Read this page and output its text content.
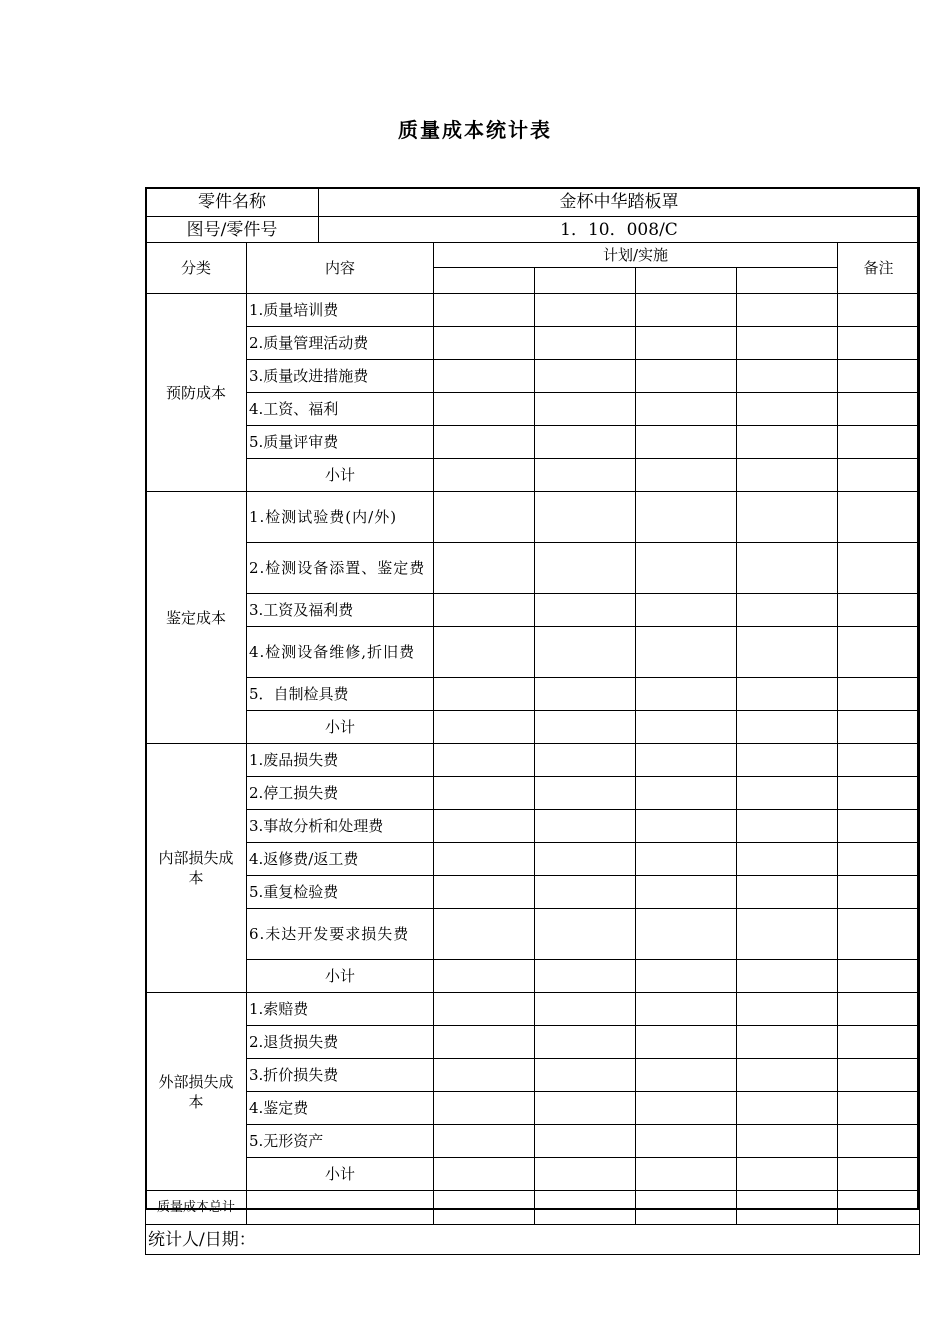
质量成本统计表
零件名称		金杯中华踏板罩					
图号/零件号		1．10．008/C					
分类	内容		计划/实施				备注

预防成本	1.质量培训费						
	2.质量管理活动费						
	3.质量改进措施费						
	4.工资、福利						
	5.质量评审费						
	小计						
鉴定成本	1.检测试验费(内/外)						
	2.检测设备添置、鉴定费						
	3.工资及福利费						
	4.检测设备维修,折旧费						
	5．自制检具费						
	小计						
内部损失成本	1.废品损失费						
	2.停工损失费						
	3.事故分析和处理费						
	4.返修费/返工费						
	5.重复检验费						
	6.未达开发要求损失费						
	小计						
外部损失成本	1.索赔费						
	2.退货损失费						
	3.折价损失费						
	4.鉴定费						
	5.无形资产						
	小计						
质量成本总计							
统计人/日期：							
